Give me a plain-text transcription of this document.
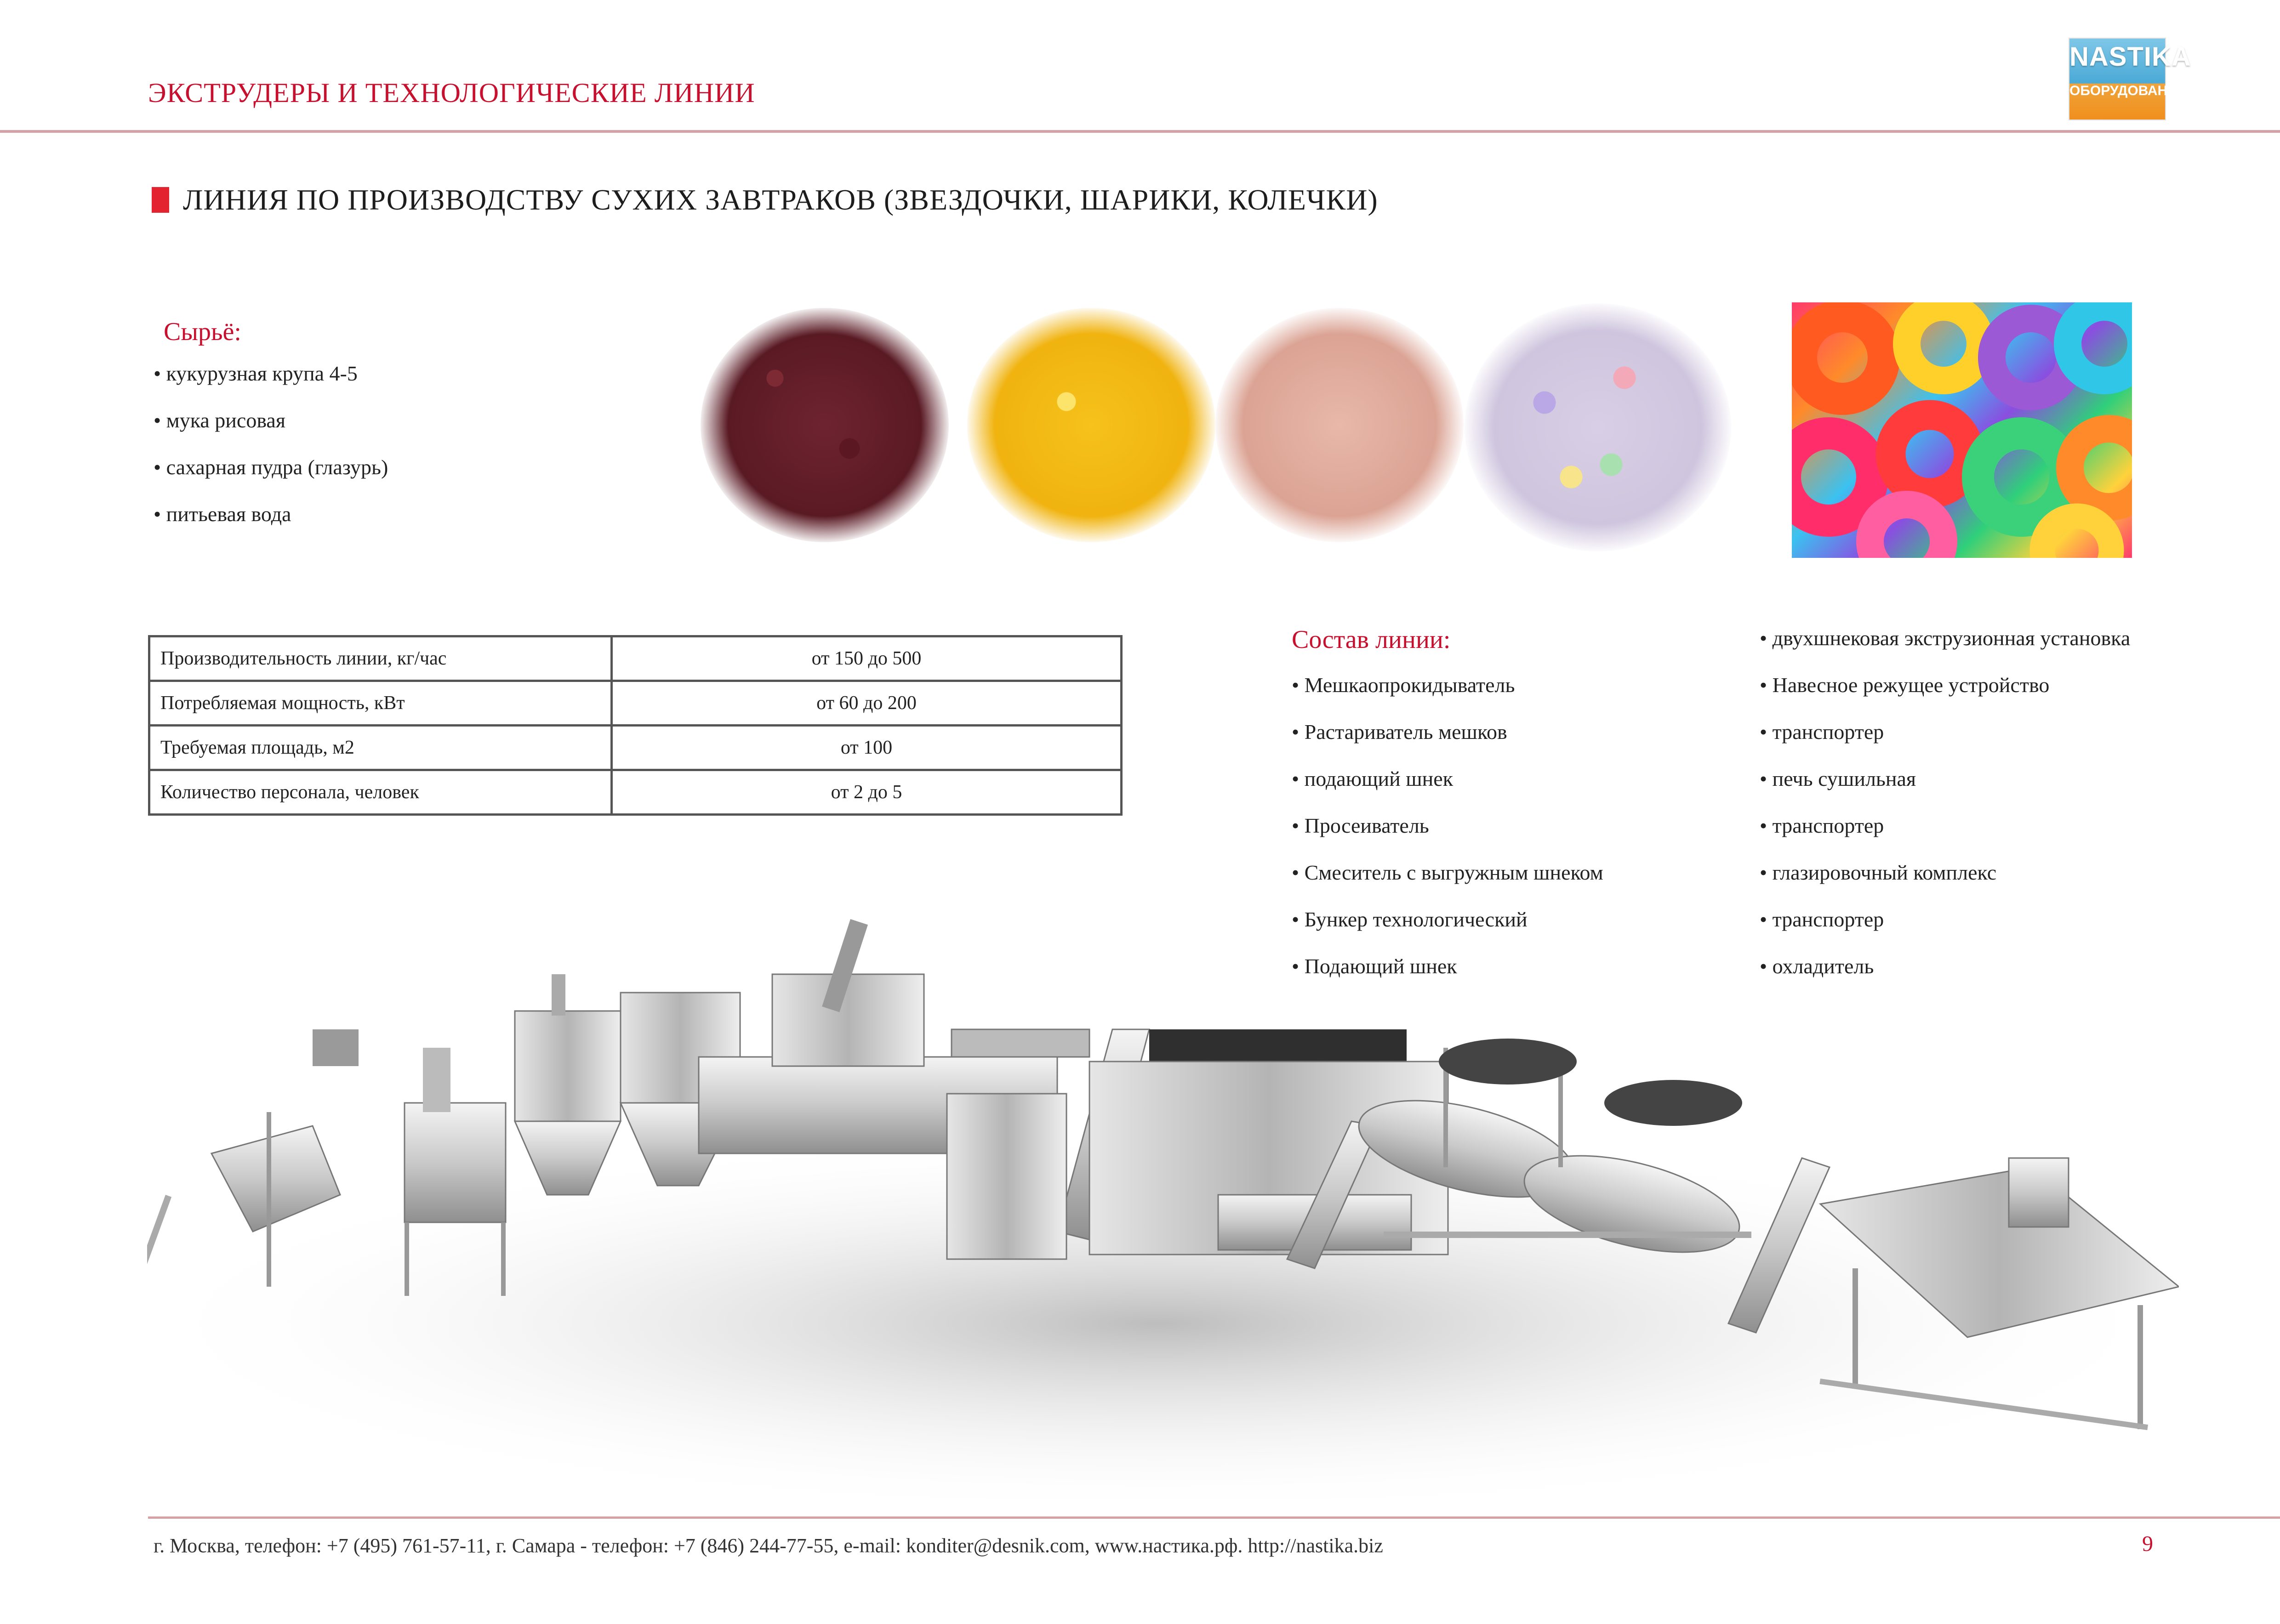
ЭКСТРУДЕРЫ И ТЕХНОЛОГИЧЕСКИЕ ЛИНИИ
NASTIKA
ОБОРУДОВАНИЕ
ЛИНИЯ ПО ПРОИЗВОДСТВУ СУХИХ ЗАВТРАКОВ (ЗВЕЗДОЧКИ, ШАРИКИ, КОЛЕЧКИ)
Сырьё:
• кукурузная крупа 4-5
• мука рисовая
• сахарная пудра (глазурь)
• питьевая вода
Производительность линии, кг/час	от 150 до 500
Потребляемая мощность, кВт	от 60 до 200
Требуемая площадь, м2	от 100
Количество персонала, человек	от 2 до 5
Состав линии:
• Мешкаопрокидыватель
• Растариватель мешков
• подающий шнек
• Просеиватель
• Смеситель с выгружным шнеком
• Бункер технологический
• Подающий шнек
• двухшнековая экструзионная установка
• Навесное режущее устройство
• транспортер
• печь сушильная
• транспортер
• глазировочный комплекс
• транспортер
• охладитель
г. Москва, телефон: +7 (495) 761-57-11, г. Самара - телефон: +7 (846) 244-77-55, e-mail: konditer@desnik.com, www.настика.рф. http://nastika.biz	9
